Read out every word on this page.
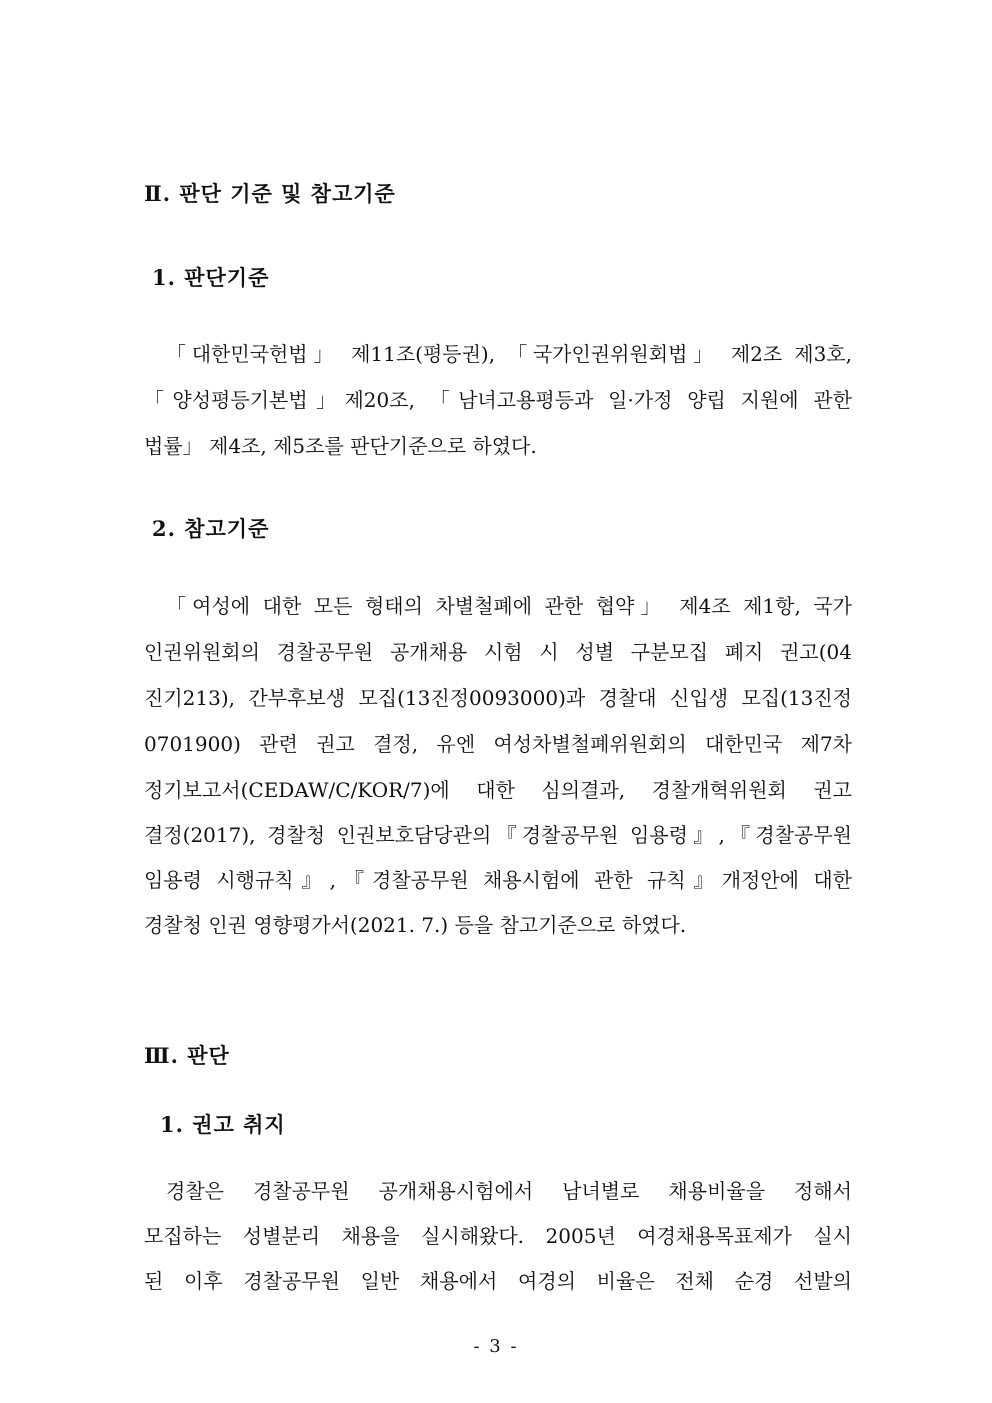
Ⅱ. 판단 기준 및 참고기준
1. 판단기준
「대한민국헌법」 제11조(평등권), 「국가인권위원회법」 제2조 제3호,
「양성평등기본법」제20조, 「남녀고용평등과 일·가정 양립 지원에 관한
법률」 제4조, 제5조를 판단기준으로 하였다.
2. 참고기준
「여성에 대한 모든 형태의 차별철폐에 관한 협약」 제4조 제1항, 국가
인권위원회의 경찰공무원 공개채용 시험 시 성별 구분모집 폐지 권고(04
진기213), 간부후보생 모집(13진정0093000)과 경찰대 신입생 모집(13진정
0701900) 관련 권고 결정, 유엔 여성차별철폐위원회의 대한민국 제7차
정기보고서(CEDAW/C/KOR/7)에 대한 심의결과, 경찰개혁위원회 권고
결정(2017), 경찰청 인권보호담당관의『경찰공무원 임용령』,『경찰공무원
임용령 시행규칙』,『경찰공무원 채용시험에 관한 규칙』개정안에 대한
경찰청 인권 영향평가서(2021. 7.) 등을 참고기준으로 하였다.
Ⅲ. 판단
1. 권고 취지
경찰은 경찰공무원 공개채용시험에서 남녀별로 채용비율을 정해서
모집하는 성별분리 채용을 실시해왔다. 2005년 여경채용목표제가 실시
된 이후 경찰공무원 일반 채용에서 여경의 비율은 전체 순경 선발의
- 3 -
